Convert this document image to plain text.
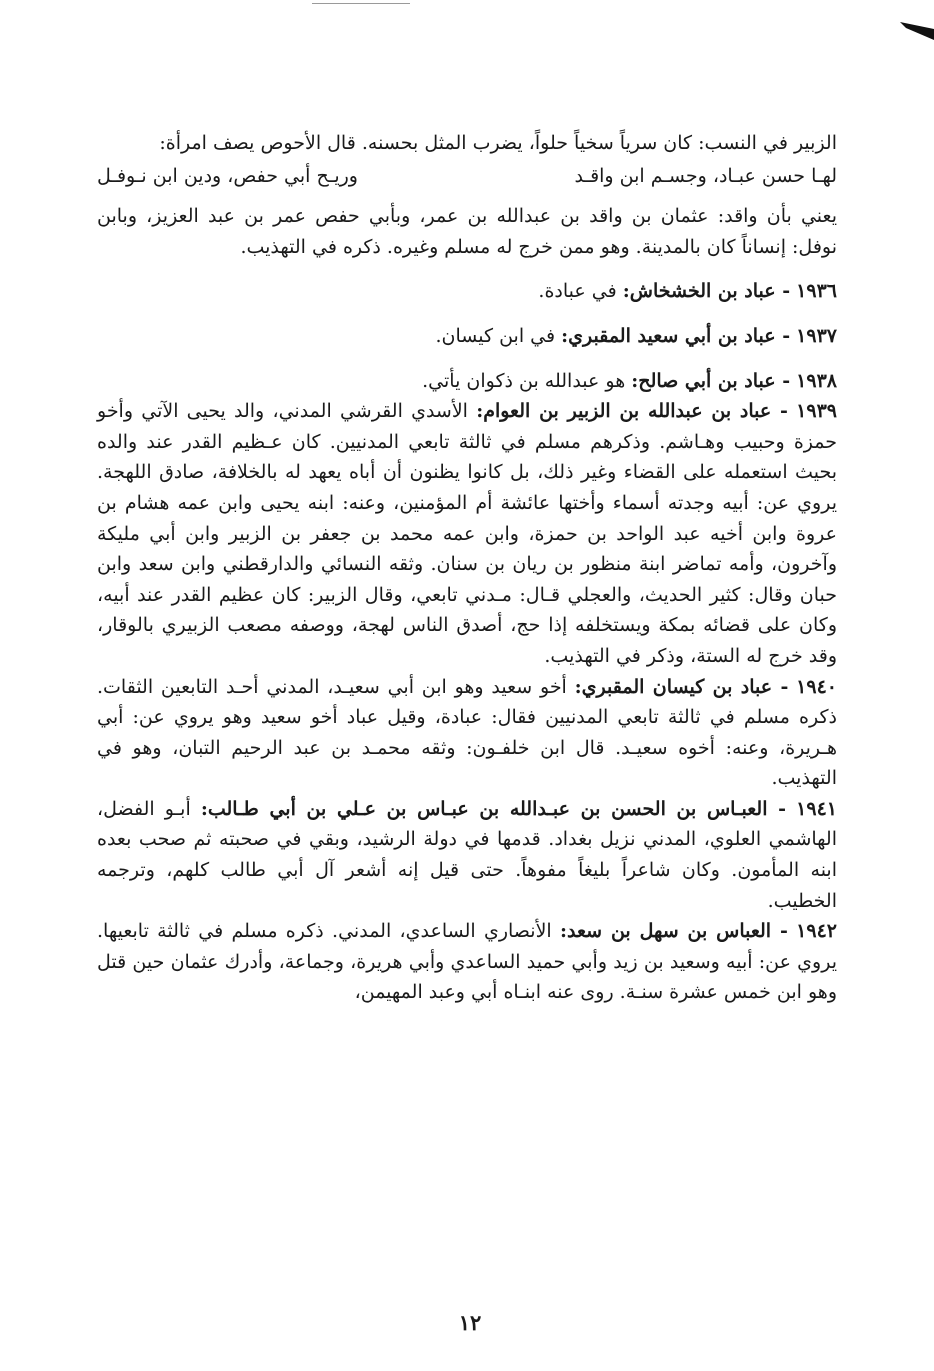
الزبير في النسب: كان سرياً سخياً حلواً، يضرب المثل بحسنه. قال الأحوص يصف امرأة:

لهـا حسن عبـاد، وجسـم ابن واقـد
وريـح أبي حفص، ودين ابن نـوفـل

يعني بأن واقد: عثمان بن واقد بن عبدالله بن عمر، وبأبي حفص عمر بن عبد العزيز، وبابن نوفل: إنساناً كان بالمدينة. وهو ممن خرج له مسلم وغيره. ذكره في التهذيب.

١٩٣٦ - عباد بن الخشخاش: في عبادة.

١٩٣٧ - عباد بن أبي سعيد المقبري: في ابن كيسان.

١٩٣٨ - عباد بن أبي صالح: هو عبدالله بن ذكوان يأتي.

١٩٣٩ - عباد بن عبدالله بن الزبير بن العوام: الأسدي القرشي المدني، والد يحيى الآتي وأخو حمزة وحبيب وهـاشم. وذكرهم مسلم في ثالثة تابعي المدنيين. كان عـظيم القدر عند والده بحيث استعمله على القضاء وغير ذلك، بل كانوا يظنون أن أباه يعهد له بالخلافة، صادق اللهجة. يروي عن: أبيه وجدته أسماء وأختها عائشة أم المؤمنين، وعنه: ابنه يحيى وابن عمه هشام بن عروة وابن أخيه عبد الواحد بن حمزة، وابن عمه محمد بن جعفر بن الزبير وابن أبي مليكة وآخرون، وأمه تماضر ابنة منظور بن ريان بن سنان. وثقه النسائي والدارقطني وابن سعد وابن حبان وقال: كثير الحديث، والعجلي قـال: مـدني تابعي، وقال الزبير: كان عظيم القدر عند أبيه، وكان على قضائه بمكة ويستخلفه إذا حج، أصدق الناس لهجة، ووصفه مصعب الزبيري بالوقار، وقد خرج له الستة، وذكر في التهذيب.

١٩٤٠ - عباد بن كيسان المقبري: أخو سعيد وهو ابن أبي سعيـد، المدني أحـد التابعين الثقات. ذكره مسلم في ثالثة تابعي المدنيين فقال: عبادة، وقيل عباد أخو سعيد وهو يروي عن: أبي هـريرة، وعنه: أخوه سعيـد. قال ابن خلفـون: وثقه محمـد بن عبد الرحيم التبان، وهو في التهذيب.

١٩٤١ - العبـاس بن الحسن بن عبـدالله بن عبـاس بن عـلي بن أبي طـالب: أبـو الفضل، الهاشمي العلوي، المدني نزيل بغداد. قدمها في دولة الرشيد، وبقي في صحبته ثم صحب بعده ابنه المأمون. وكان شاعراً بليغاً مفوهاً. حتى قيل إنه أشعر آل أبي طالب كلهم، وترجمه الخطيب.

١٩٤٢ - العباس بن سهل بن سعد: الأنصاري الساعدي، المدني. ذكره مسلم في ثالثة تابعيها. يروي عن: أبيه وسعيد بن زيد وأبي حميد الساعدي وأبي هريرة، وجماعة، وأدرك عثمان حين قتل وهو ابن خمس عشرة سنـة. روى عنه ابنـاه أبي وعبد المهيمن،

١٢
